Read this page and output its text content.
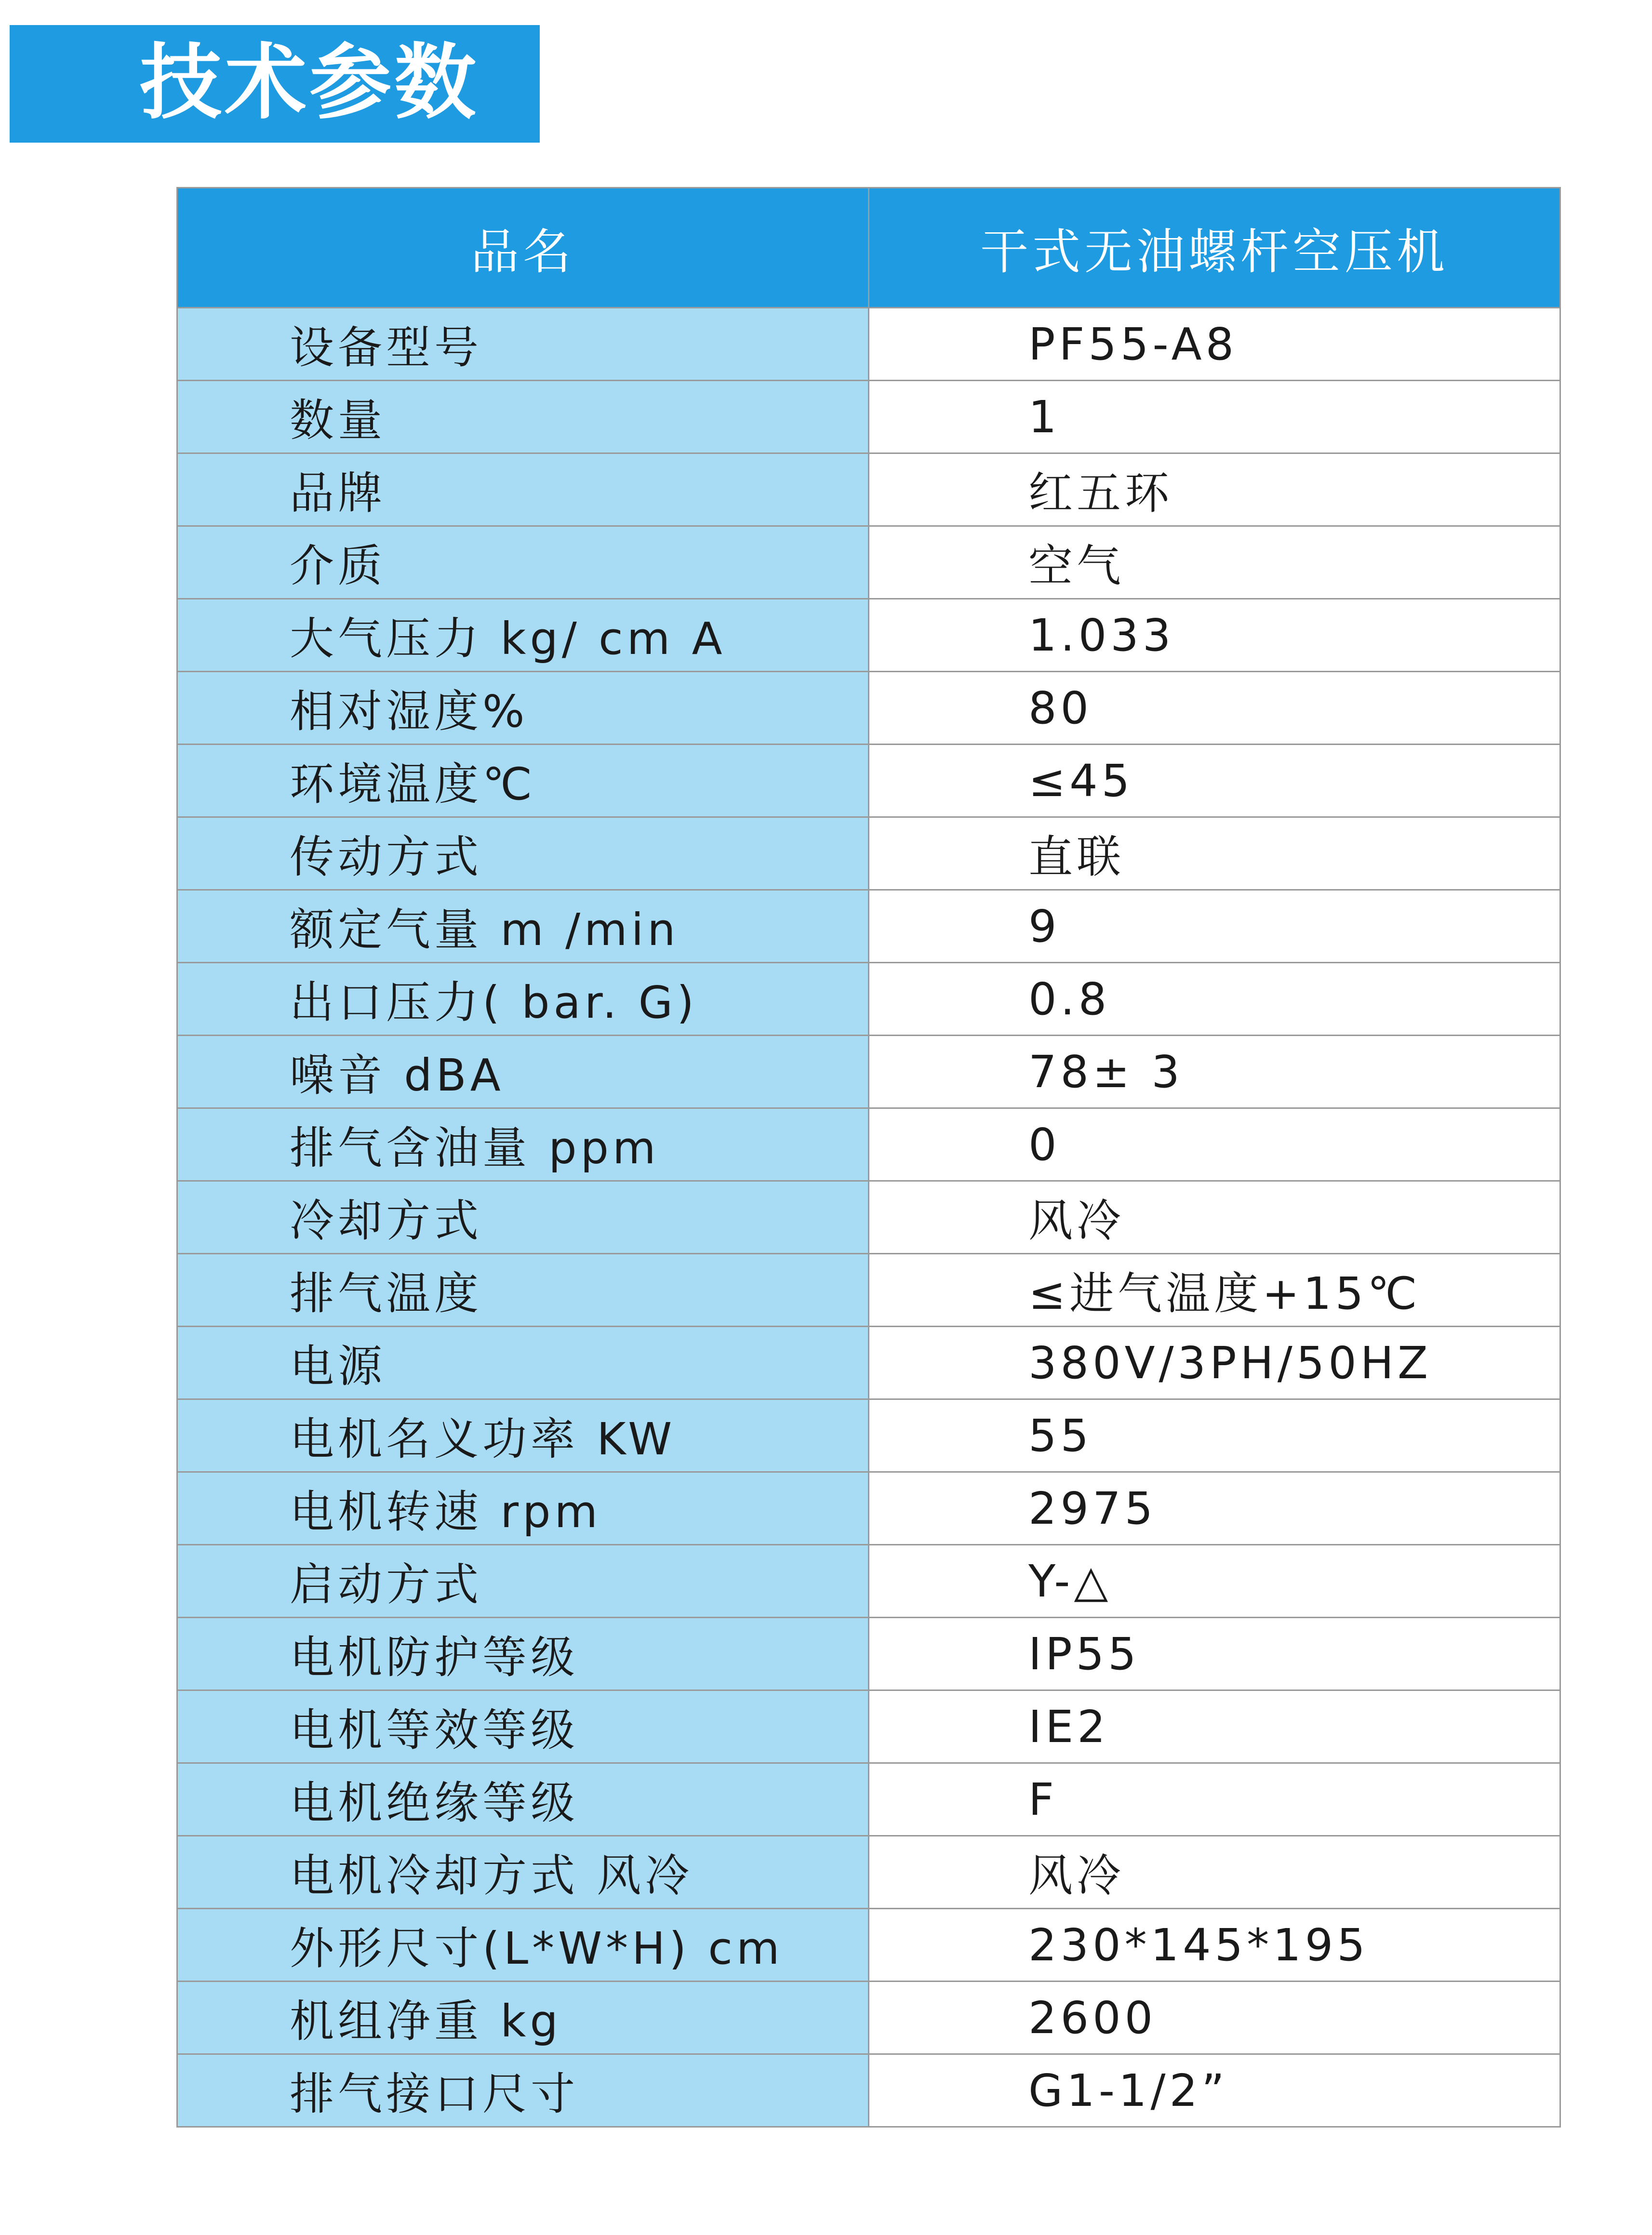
技术参数
品名	干式无油螺杆空压机
设备型号	PF55-A8
数量	1
品牌	红五环
介质	空气
大气压力 kg/ cm A	1.033
相对湿度%	80
环境温度℃	≤45
传动方式	直联
额定气量 m /min	9
出口压力( bar. G)	0.8
噪音 dBA	78± 3
排气含油量 ppm	0
冷却方式	风冷
排气温度	≤进气温度+15℃
电源	380V/3PH/50HZ
电机名义功率 KW	55
电机转速 rpm	2975
启动方式	Y-△
电机防护等级	IP55
电机等效等级	IE2
电机绝缘等级	F
电机冷却方式 风冷	风冷
外形尺寸(L*W*H) cm	230*145*195
机组净重 kg	2600
排气接口尺寸	G1-1/2”
